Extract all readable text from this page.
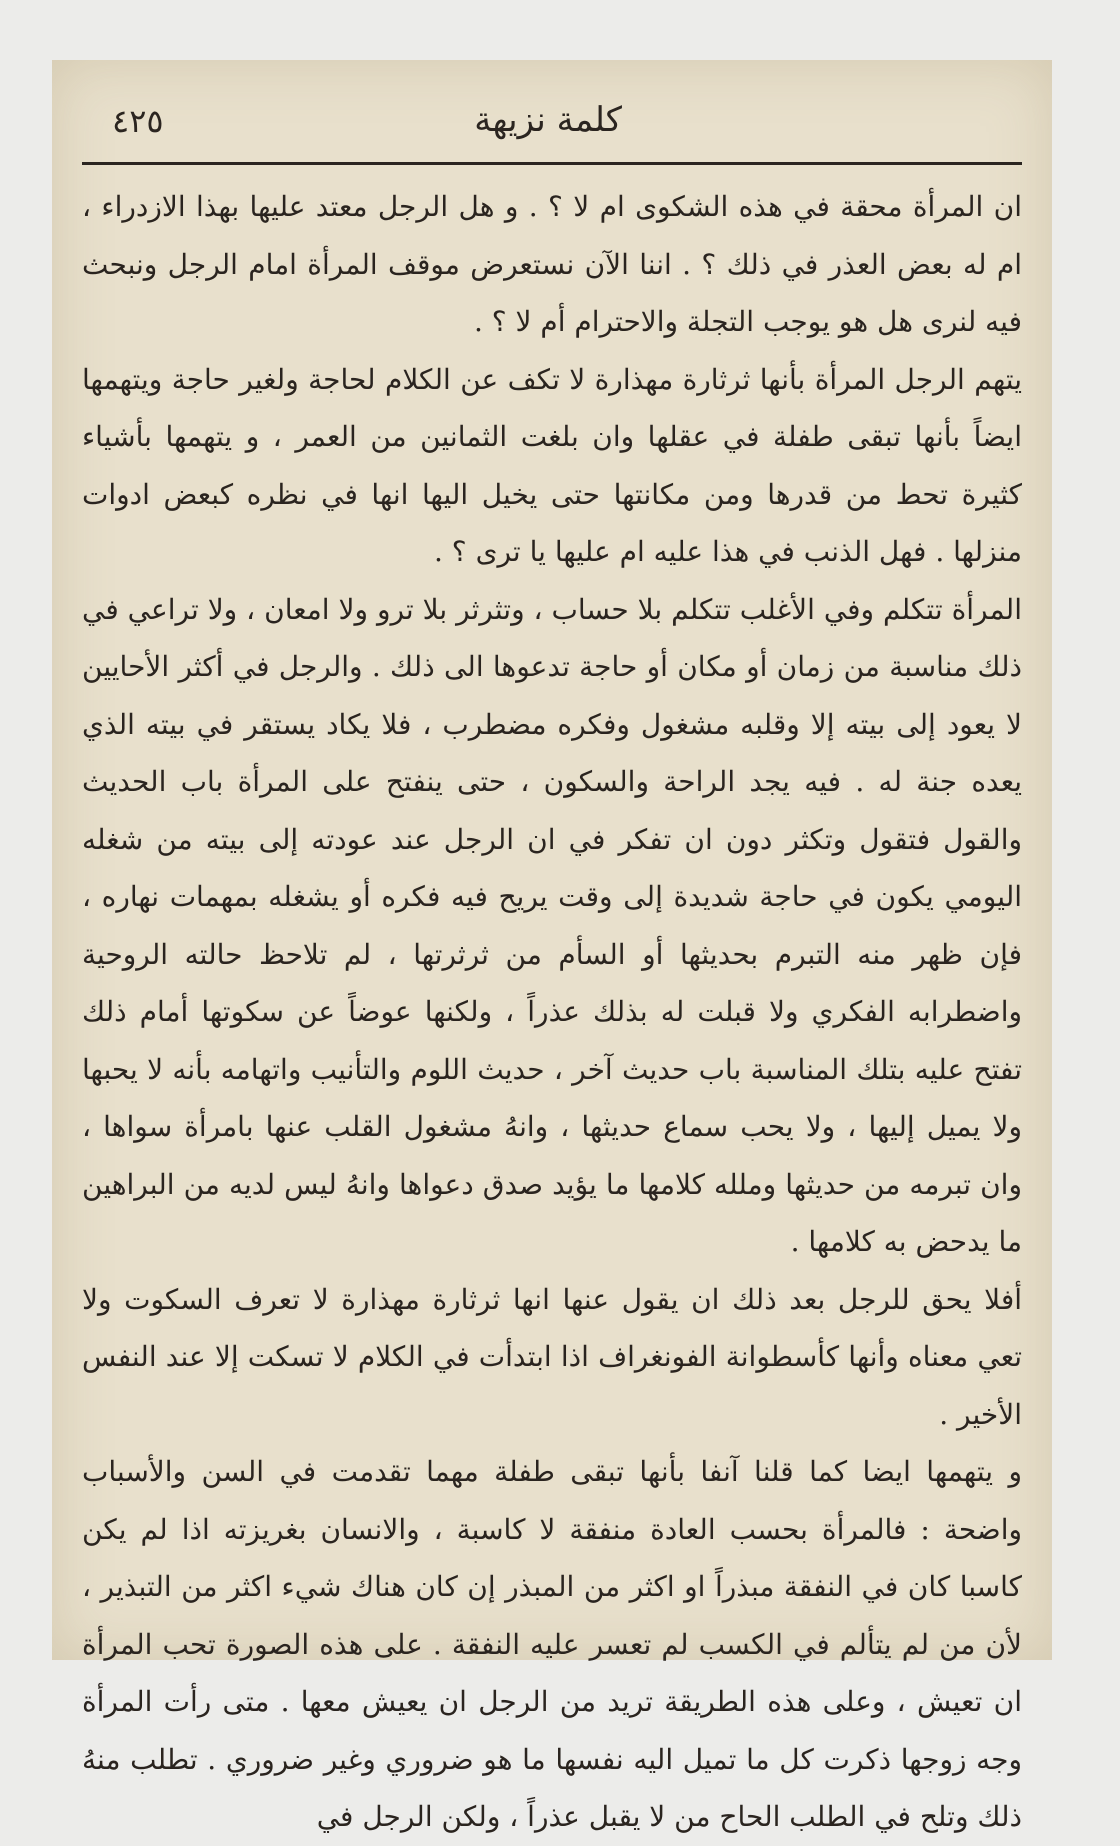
كلمة نزيهة
٤٢٥

ان المرأة محقة في هذه الشكوى ام لا ؟ . و هل الرجل معتد عليها بهذا الازدراء ، ام له بعض العذر في ذلك ؟ . اننا الآن نستعرض موقف المرأة امام الرجل ونبحث فيه لنرى هل هو يوجب التجلة والاحترام أم لا ؟ .

يتهم الرجل المرأة بأنها ثرثارة مهذارة لا تكف عن الكلام لحاجة ولغير حاجة ويتهمها ايضاً بأنها تبقى طفلة في عقلها وان بلغت الثمانين من العمر ، و يتهمها بأشياء كثيرة تحط من قدرها ومن مكانتها حتى يخيل اليها انها في نظره كبعض ادوات منزلها . فهل الذنب في هذا عليه ام عليها يا ترى ؟ .

المرأة تتكلم وفي الأغلب تتكلم بلا حساب ، وتثرثر بلا ترو ولا امعان ، ولا تراعي في ذلك مناسبة من زمان أو مكان أو حاجة تدعوها الى ذلك . والرجل في أكثر الأحايين لا يعود إلى بيته إلا وقلبه مشغول وفكره مضطرب ، فلا يكاد يستقر في بيته الذي يعده جنة له . فيه يجد الراحة والسكون ، حتى ينفتح على المرأة باب الحديث والقول فتقول وتكثر دون ان تفكر في ان الرجل عند عودته إلى بيته من شغله اليومي يكون في حاجة شديدة إلى وقت يريح فيه فكره أو يشغله بمهمات نهاره ، فإن ظهر منه التبرم بحديثها أو السأم من ثرثرتها ، لم تلاحظ حالته الروحية واضطرابه الفكري ولا قبلت له بذلك عذراً ، ولكنها عوضاً عن سكوتها أمام ذلك تفتح عليه بتلك المناسبة باب حديث آخر ، حديث اللوم والتأنيب واتهامه بأنه لا يحبها ولا يميل إليها ، ولا يحب سماع حديثها ، وانهُ مشغول القلب عنها بامرأة سواها ، وان تبرمه من حديثها وملله كلامها ما يؤيد صدق دعواها وانهُ ليس لديه من البراهين ما يدحض به كلامها .

أفلا يحق للرجل بعد ذلك ان يقول عنها انها ثرثارة مهذارة لا تعرف السكوت ولا تعي معناه وأنها كأسطوانة الفونغراف اذا ابتدأت في الكلام لا تسكت إلا عند النفس الأخير .

و يتهمها ايضا كما قلنا آنفا بأنها تبقى طفلة مهما تقدمت في السن والأسباب واضحة : فالمرأة بحسب العادة منفقة لا كاسبة ، والانسان بغريزته اذا لم يكن كاسبا كان في النفقة مبذراً او اكثر من المبذر إن كان هناك شيء اكثر من التبذير ، لأن من لم يتألم في الكسب لم تعسر عليه النفقة . على هذه الصورة تحب المرأة ان تعيش ، وعلى هذه الطريقة تريد من الرجل ان يعيش معها . متى رأت المرأة وجه زوجها ذكرت كل ما تميل اليه نفسها ما هو ضروري وغير ضروري . تطلب منهُ ذلك وتلح في الطلب الحاح من لا يقبل عذراً ، ولكن الرجل في
